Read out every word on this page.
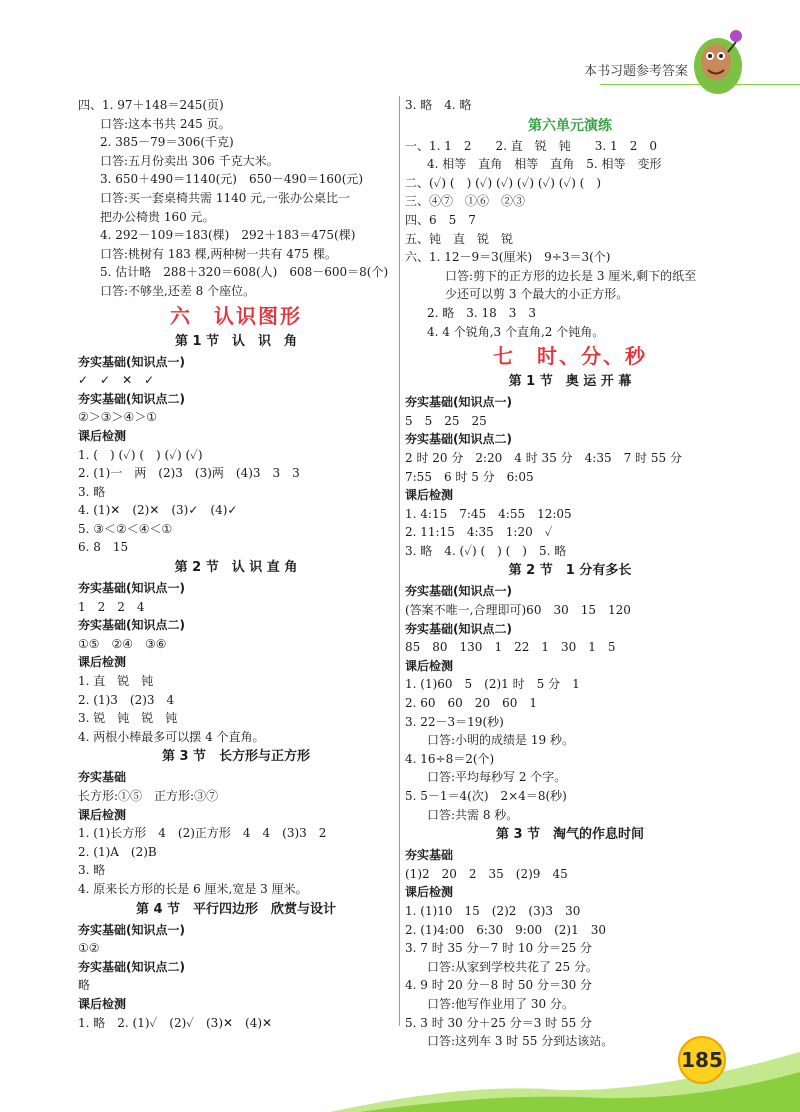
本书习题参考答案
四、1. 97＋148＝245(页)
口答:这本书共 245 页。
2. 385－79＝306(千克)
口答:五月份卖出 306 千克大米。
3. 650＋490＝1140(元)　650－490＝160(元)
口答:买一套桌椅共需 1140 元,一张办公桌比一
把办公椅贵 160 元。
4. 292－109＝183(棵)　292＋183＝475(棵)
口答:桃树有 183 棵,两种树一共有 475 棵。
5. 估计略　288＋320＝608(人)　608－600＝8(个)
口答:不够坐,还差 8 个座位。
六　认识图形
第 1 节　认　识　角
夯实基础(知识点一)
✓　✓　✕　✓
夯实基础(知识点二)
②＞③＞④＞①
课后检测
1. (　) (✓) (　) (✓) (✓)
2. (1)一　两　(2)3　(3)两　(4)3　3　3
3. 略
4. (1)✕　(2)✕　(3)✓　(4)✓
5. ③＜②＜④＜①
6. 8　15
第 2 节　认 识 直 角
夯实基础(知识点一)
1　2　2　4
夯实基础(知识点二)
①⑤　②④　③⑥
课后检测
1. 直　锐　钝
2. (1)3　(2)3　4
3. 锐　钝　锐　钝
4. 两根小棒最多可以摆 4 个直角。
第 3 节　长方形与正方形
夯实基础
长方形:①⑤　正方形:③⑦
课后检测
1. (1)长方形　4　(2)正方形　4　4　(3)3　2
2. (1)A　(2)B
3. 略
4. 原来长方形的长是 6 厘米,宽是 3 厘米。
第 4 节　平行四边形　欣赏与设计
夯实基础(知识点一)
①②
夯实基础(知识点二)
略
课后检测
1. 略　2. (1)✓　(2)✓　(3)✕　(4)✕
3. 略　4. 略
第六单元演练
一、1. 1　2　　2. 直　锐　钝　　3. 1　2　0
4. 相等　直角　相等　直角　5. 相等　变形
二、(✓) (　) (✓) (✓) (✓) (✓) (✓) (　)
三、④⑦　①⑥　②③
四、6　5　7
五、钝　直　锐　锐
六、1. 12－9＝3(厘米)　9÷3＝3(个)
口答:剪下的正方形的边长是 3 厘米,剩下的纸至
少还可以剪 3 个最大的小正方形。
2. 略　3. 18　3　3
4. 4 个锐角,3 个直角,2 个钝角。
七　时、分、秒
第 1 节　奥 运 开 幕
夯实基础(知识点一)
5　5　25　25
夯实基础(知识点二)
2 时 20 分　2:20　4 时 35 分　4:35　7 时 55 分
7:55　6 时 5 分　6:05
课后检测
1. 4:15　7:45　4:55　12:05
2. 11:15　4:35　1:20　✓
3. 略　4. (✓) (　) (　)　5. 略
第 2 节　1 分有多长
夯实基础(知识点一)
(答案不唯一,合理即可)60　30　15　120
夯实基础(知识点二)
85　80　130　1　22　1　30　1　5
课后检测
1. (1)60　5　(2)1 时　5 分　1
2. 60　60　20　60　1
3. 22－3＝19(秒)
口答:小明的成绩是 19 秒。
4. 16÷8＝2(个)
口答:平均每秒写 2 个字。
5. 5－1＝4(次)　2×4＝8(秒)
口答:共需 8 秒。
第 3 节　淘气的作息时间
夯实基础
(1)2　20　2　35　(2)9　45
课后检测
1. (1)10　15　(2)2　(3)3　30
2. (1)4:00　6:30　9:00　(2)1　30
3. 7 时 35 分－7 时 10 分＝25 分
口答:从家到学校共花了 25 分。
4. 9 时 20 分－8 时 50 分＝30 分
口答:他写作业用了 30 分。
5. 3 时 30 分＋25 分＝3 时 55 分
口答:这列车 3 时 55 分到达该站。
185
